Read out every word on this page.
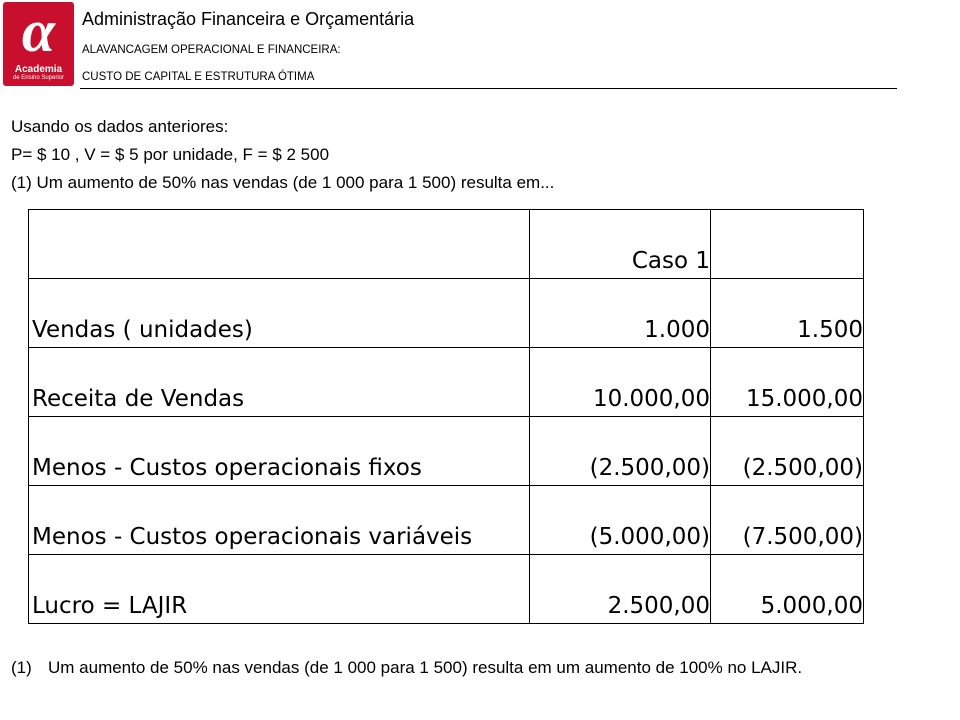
α
Academia
de Ensino Superior
Administração Financeira e Orçamentária
ALAVANCAGEM OPERACIONAL E FINANCEIRA:
CUSTO DE CAPITAL E ESTRUTURA ÓTIMA
Usando os dados anteriores:
P= $ 10 , V = $ 5 por unidade, F = $ 2 500
(1) Um aumento de 50% nas vendas (de 1 000 para 1 500) resulta em...
	Caso 1	
Vendas ( unidades)	1.000	1.500
Receita de Vendas	10.000,00	15.000,00
Menos - Custos operacionais fixos	(2.500,00)	(2.500,00)
Menos - Custos operacionais variáveis	(5.000,00)	(7.500,00)
Lucro = LAJIR	2.500,00	5.000,00
(1) Um aumento de 50% nas vendas (de 1 000 para 1 500) resulta em um aumento de 100% no LAJIR.
